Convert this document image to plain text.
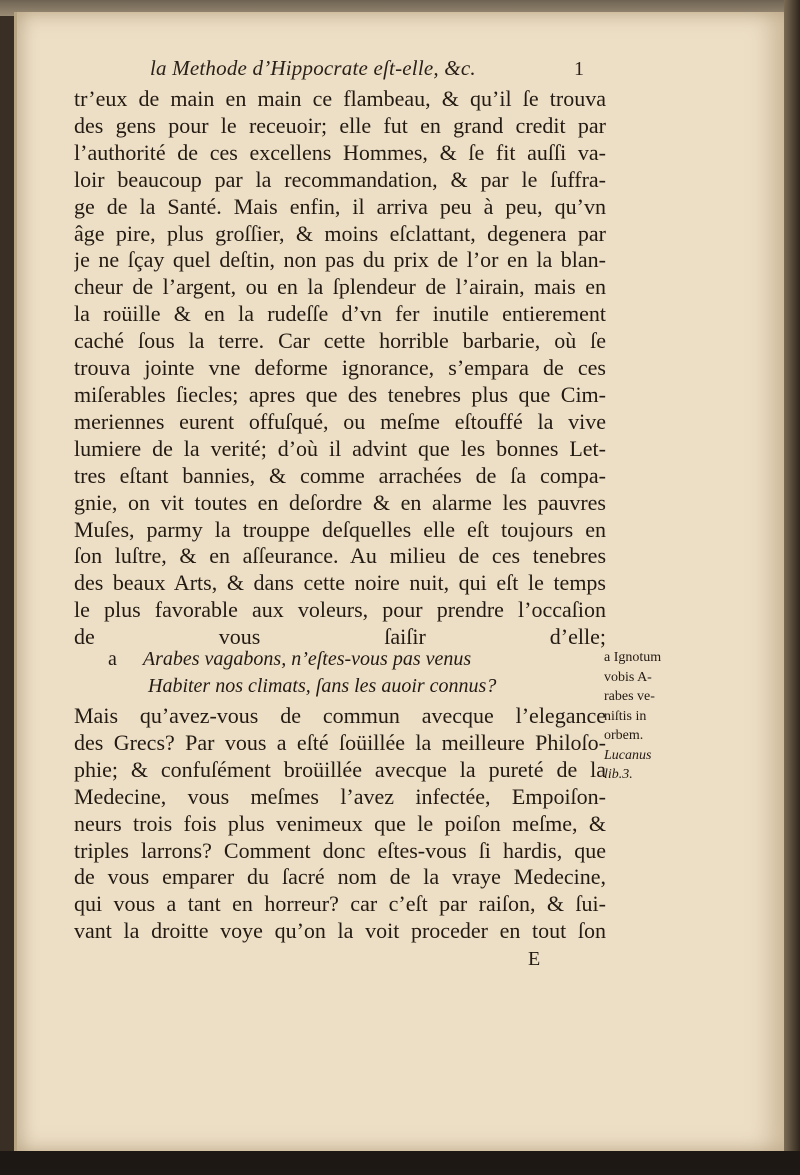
la Methode d’Hippocrate eſt-elle, &c.	1
tr’eux de main en main ce flambeau, & qu’il ſe trouva
des gens pour le receuoir; elle fut en grand credit par
l’authorité de ces excellens Hommes, & ſe fit auſſi va-
loir beaucoup par la recommandation, & par le ſuffra-
ge de la Santé. Mais enfin, il arriva peu à peu, qu’vn
âge pire, plus groſſier, & moins eſclattant, degenera par
je ne ſçay quel deſtin, non pas du prix de l’or en la blan-
cheur de l’argent, ou en la ſplendeur de l’airain, mais en
la roüille & en la rudeſſe d’vn fer inutile entierement
caché ſous la terre. Car cette horrible barbarie, où ſe
trouva jointe vne deforme ignorance, s’empara de ces
miſerables ſiecles; apres que des tenebres plus que Cim-
meriennes eurent offuſqué, ou meſme eſtouffé la vive
lumiere de la verité; d’où il advint que les bonnes Let-
tres eſtant bannies, & comme arrachées de ſa compa-
gnie, on vit toutes en deſordre & en alarme les pauvres
Muſes, parmy la trouppe deſquelles elle eſt toujours en
ſon luſtre, & en aſſeurance. Au milieu de ces tenebres
des beaux Arts, & dans cette noire nuit, qui eſt le temps
le plus favorable aux voleurs, pour prendre l’occaſion
de vous ſaiſir d’elle;
a Arabes vagabons, n’eſtes-vous pas venus
Habiter nos climats, ſans les auoir connus?
Mais qu’avez-vous de commun avecque l’elegance
des Grecs? Par vous a eſté ſoüillée la meilleure Philoſo-
phie; & confuſément broüillée avecque la pureté de la
Medecine, vous meſmes l’avez infectée, Empoiſon-
neurs trois fois plus venimeux que le poiſon meſme, &
triples larrons? Comment donc eſtes-vous ſi hardis, que
de vous emparer du ſacré nom de la vraye Medecine,
qui vous a tant en horreur? car c’eſt par raiſon, & ſui-
vant la droitte voye qu’on la voit proceder en tout ſon
E
a Ignotum
vobis A-
rabes ve-
niſtis in
orbem.
Lucanus
lib.3.
